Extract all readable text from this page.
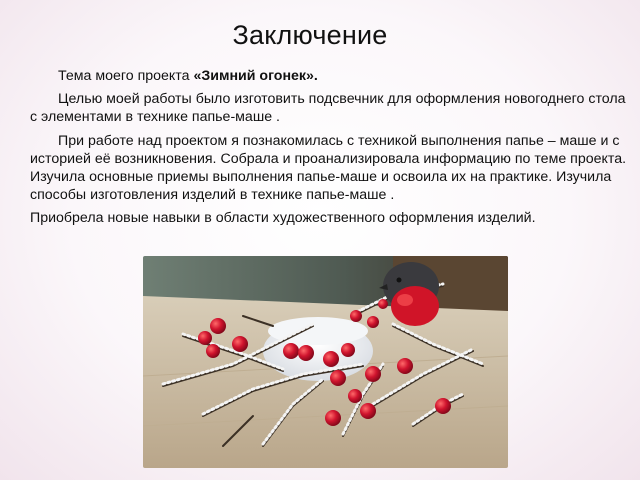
Заключение

Тема моего проекта «Зимний огонек».

Целью моей работы было изготовить подсвечник для оформления новогоднего стола с элементами в технике папье-маше .

При работе над проектом я познакомилась с техникой выполнения папье – маше и с историей её возникновения. Собрала и проанализировала информацию по теме проекта. Изучила основные приемы выполнения папье-маше и освоила их на практике. Изучила способы изготовления изделий в технике папье-маше .

Приобрела новые навыки в области художественного оформления изделий.
